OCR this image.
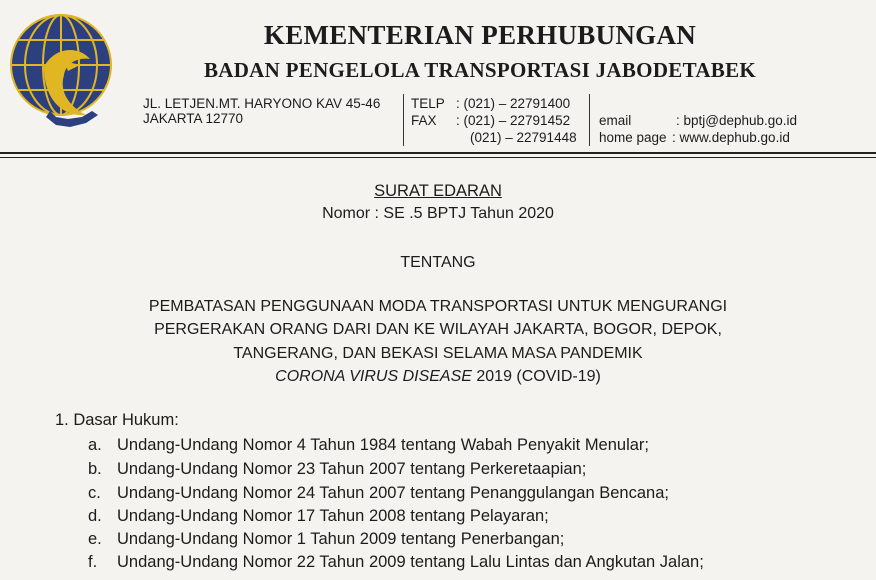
KEMENTERIAN PERHUBUNGAN
BADAN PENGELOLA TRANSPORTASI JABODETABEK
JL. LETJEN.MT. HARYONO KAV 45-46
JAKARTA 12770
TELP : (021) – 22791400
FAX : (021) – 22791452
(021) – 22791448
email	: bptj@dephub.go.id
home page : www.dephub.go.id
SURAT EDARAN
Nomor : SE .5 BPTJ Tahun 2020
TENTANG
PEMBATASAN PENGGUNAAN MODA TRANSPORTASI UNTUK MENGURANGI
PERGERAKAN ORANG DARI DAN KE WILAYAH JAKARTA, BOGOR, DEPOK,
TANGERANG, DAN BEKASI SELAMA MASA PANDEMIK
CORONA VIRUS DISEASE 2019 (COVID-19)
1. Dasar Hukum:
a. Undang-Undang Nomor 4 Tahun 1984 tentang Wabah Penyakit Menular;
b. Undang-Undang Nomor 23 Tahun 2007 tentang Perkeretaapian;
c. Undang-Undang Nomor 24 Tahun 2007 tentang Penanggulangan Bencana;
d. Undang-Undang Nomor 17 Tahun 2008 tentang Pelayaran;
e. Undang-Undang Nomor 1 Tahun 2009 tentang Penerbangan;
f. Undang-Undang Nomor 22 Tahun 2009 tentang Lalu Lintas dan Angkutan Jalan;
